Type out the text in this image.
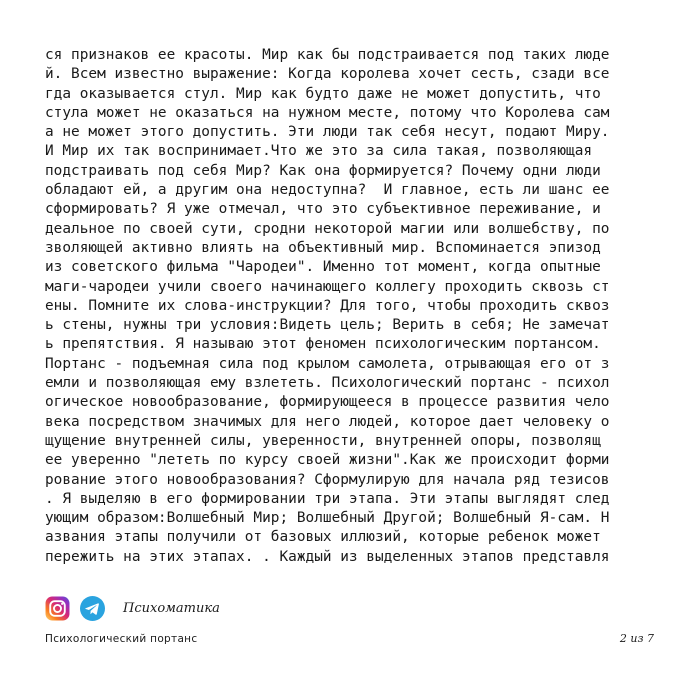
ся признаков ее красоты. Мир как бы подстраивается под таких люде
й. Всем известно выражение: Когда королева хочет сесть, сзади все
гда оказывается стул. Мир как будто даже не может допустить, что
стула может не оказаться на нужном месте, потому что Королева сам
а не может этого допустить. Эти люди так себя несут, подают Миру.
И Мир их так воспринимает.Что же это за сила такая, позволяющая
подстраивать под себя Мир? Как она формируется? Почему одни люди
обладают ей, а другим она недоступна?  И главное, есть ли шанс ее
сформировать? Я уже отмечал, что это субъективное переживание, и
деальное по своей сути, сродни некоторой магии или волшебству, по
зволяющей активно влиять на объективный мир. Вспоминается эпизод
из советского фильма "Чародеи". Именно тот момент, когда опытные
маги-чародеи учили своего начинающего коллегу проходить сквозь ст
ены. Помните их слова-инструкции? Для того, чтобы проходить сквоз
ь стены, нужны три условия:Видеть цель; Верить в себя; Не замечат
ь препятствия. Я называю этот феномен психологическим портансом.
Портанс - подъемная сила под крылом самолета, отрывающая его от з
емли и позволяющая ему взлететь. Психологический портанс - психол
огическое новообразование, формирующееся в процессе развития чело
века посредством значимых для него людей, которое дает человеку о
щущение внутренней силы, уверенности, внутренней опоры, позволящ
ее уверенно "лететь по курсу своей жизни".Как же происходит форми
рование этого новообразования? Сформулирую для начала ряд тезисов
. Я выделяю в его формировании три этапа. Эти этапы выглядят след
ующим образом:Волшебный Мир; Волшебный Другой; Волшебный Я-сам. Н
азвания этапы получили от базовых иллюзий, которые ребенок может
пережить на этих этапах. . Каждый из выделенных этапов представля
Психоматика
Психологический портанс	2 из 7
